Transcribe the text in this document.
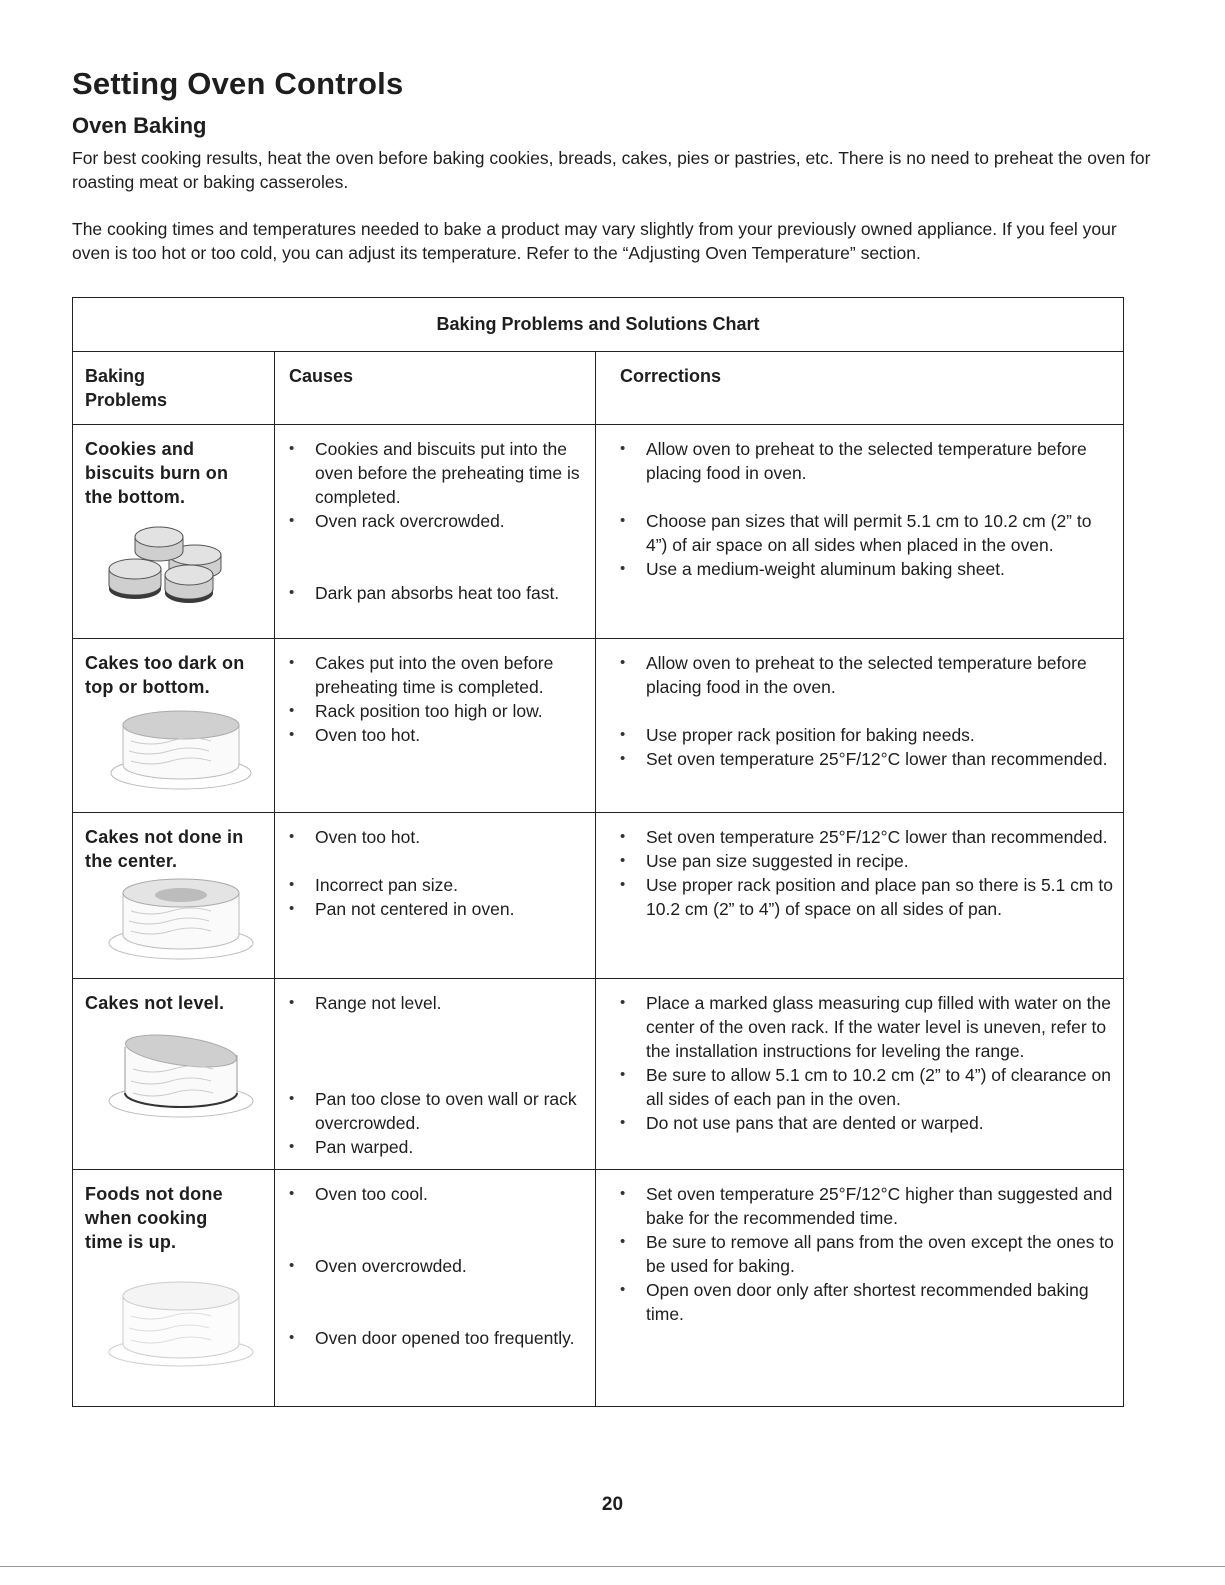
Setting Oven Controls
Oven Baking

For best cooking results, heat the oven before baking cookies, breads, cakes, pies or pastries, etc. There is no need to preheat the oven for roasting meat or baking casseroles.

The cooking times and temperatures needed to bake a product may vary slightly from your previously owned appliance. If you feel your oven is too hot or too cold, you can adjust its temperature. Refer to the “Adjusting Oven Temperature” section.

Baking Problems and Solutions Chart
Baking Problems
Causes	Corrections
Cookies and biscuits burn on the bottom.
• Cookies and biscuits put into the oven before the preheating time is completed.
• Oven rack overcrowded.
• Dark pan absorbs heat too fast.
• Allow oven to preheat to the selected temperature before placing food in oven.
• Choose pan sizes that will permit 5.1 cm to 10.2 cm (2” to 4”) of air space on all sides when placed in the oven.
• Use a medium-weight aluminum baking sheet.
Cakes too dark on top or bottom.
• Cakes put into the oven before preheating time is completed.
• Rack position too high or low.
• Oven too hot.
• Allow oven to preheat to the selected temperature before placing food in the oven.
• Use proper rack position for baking needs.
• Set oven temperature 25°F/12°C lower than recommended.
Cakes not done in the center.
• Oven too hot.
• Incorrect pan size.
• Pan not centered in oven.
• Set oven temperature 25°F/12°C lower than recommended.
• Use pan size suggested in recipe.
• Use proper rack position and place pan so there is 5.1 cm to 10.2 cm (2” to 4”) of space on all sides of pan.
Cakes not level.
•	Range not level.
• Pan too close to oven wall or rack overcrowded.
• Pan warped.
• Place a marked glass measuring cup filled with water on the center of the oven rack. If the water level is uneven, refer to the installation instructions for leveling the range.
• Be sure to allow 5.1 cm to 10.2 cm (2” to 4”) of clearance on all sides of each pan in the oven.
• Do not use pans that are dented or warped.
Foods not done when cooking time is up.
• Oven too cool.
• Oven overcrowded.
• Oven door opened too frequently.
• Set oven temperature 25°F/12°C higher than suggested and bake for the recommended time.
• Be sure to remove all pans from the oven except the ones to be used for baking.
• Open oven door only after shortest recommended baking time.
20
